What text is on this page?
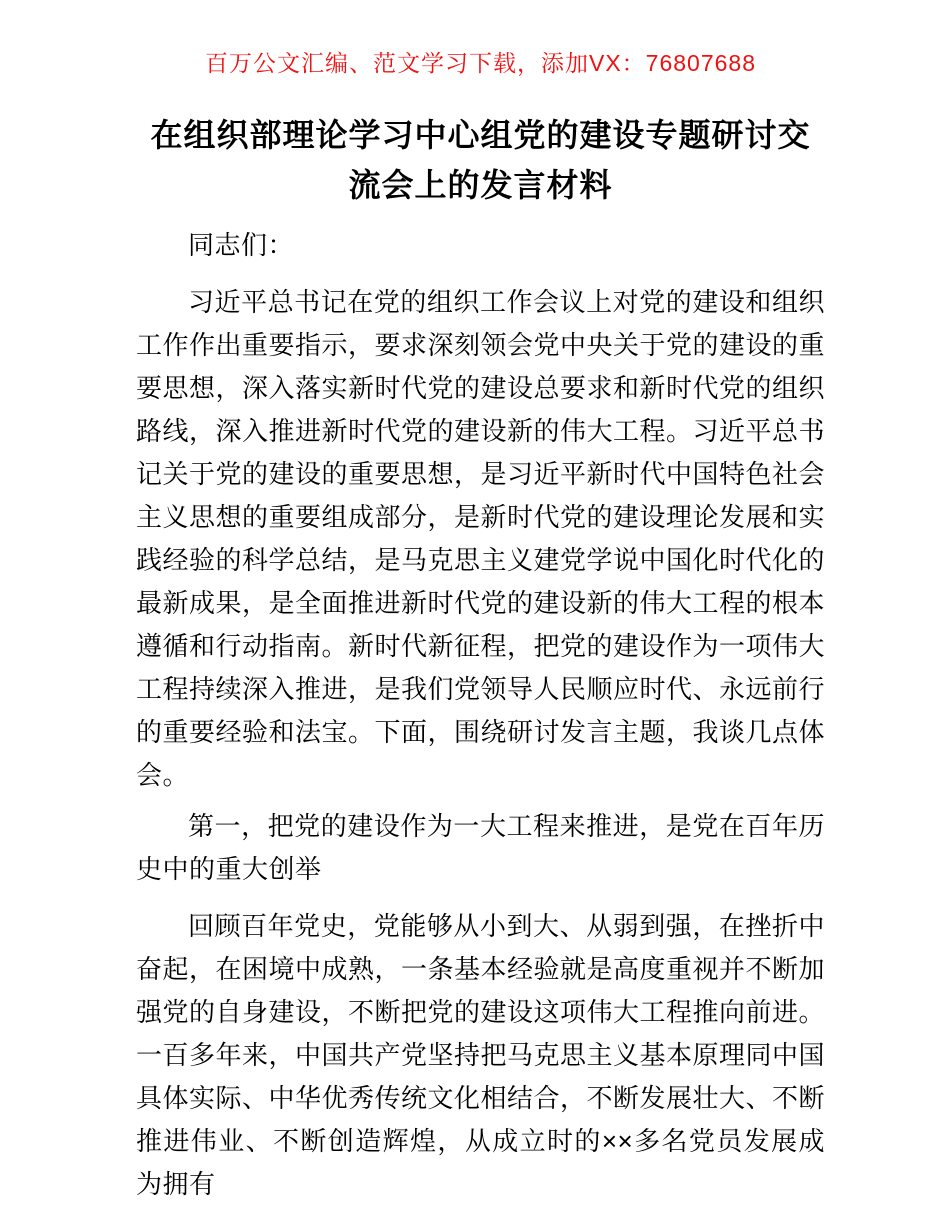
百万公文汇编、范文学习下载，添加VX：76807688

在组织部理论学习中心组党的建设专题研讨交流会上的发言材料

同志们：

习近平总书记在党的组织工作会议上对党的建设和组织工作作出重要指示，要求深刻领会党中央关于党的建设的重要思想，深入落实新时代党的建设总要求和新时代党的组织路线，深入推进新时代党的建设新的伟大工程。习近平总书记关于党的建设的重要思想，是习近平新时代中国特色社会主义思想的重要组成部分，是新时代党的建设理论发展和实践经验的科学总结，是马克思主义建党学说中国化时代化的最新成果，是全面推进新时代党的建设新的伟大工程的根本遵循和行动指南。新时代新征程，把党的建设作为一项伟大工程持续深入推进，是我们党领导人民顺应时代、永远前行的重要经验和法宝。下面，围绕研讨发言主题，我谈几点体会。

第一，把党的建设作为一大工程来推进，是党在百年历史中的重大创举

回顾百年党史，党能够从小到大、从弱到强，在挫折中奋起，在困境中成熟，一条基本经验就是高度重视并不断加强党的自身建设，不断把党的建设这项伟大工程推向前进。一百多年来，中国共产党坚持把马克思主义基本原理同中国具体实际、中华优秀传统文化相结合，不断发展壮大、不断推进伟业、不断创造辉煌，从成立时的××多名党员发展成为拥有
